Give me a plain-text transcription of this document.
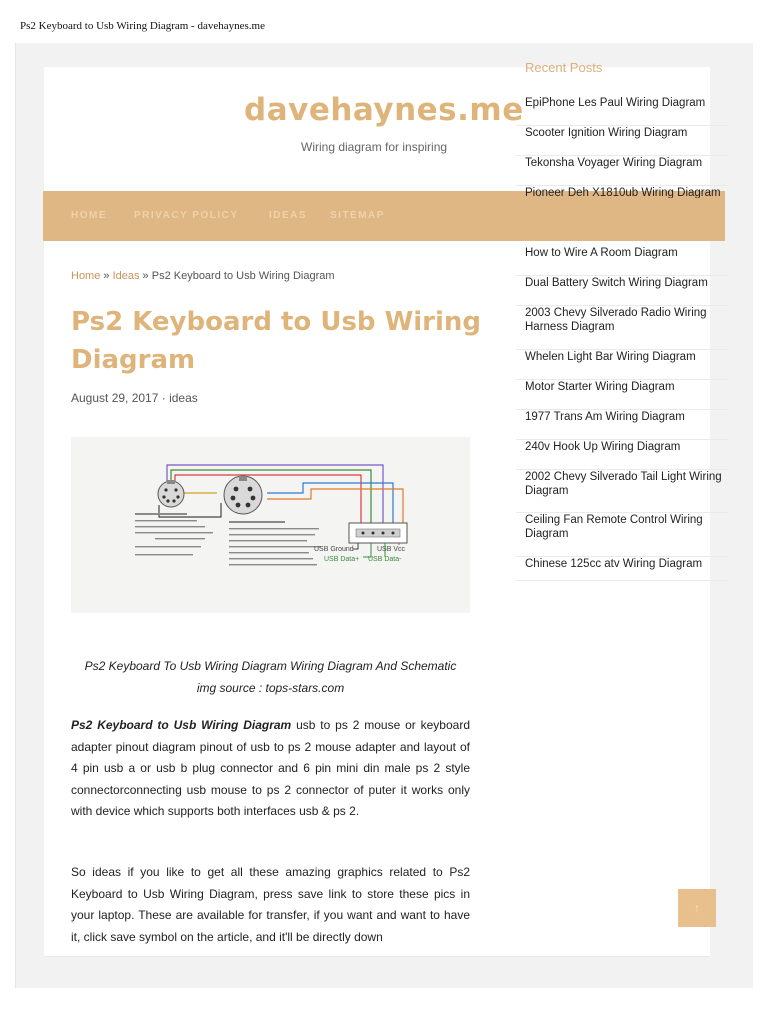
Ps2 Keyboard to Usb Wiring Diagram - davehaynes.me
davehaynes.me
Wiring diagram for inspiring
HOME	PRIVACY POLICY	IDEAS SITEMAP
Recent Posts
EpiPhone Les Paul Wiring Diagram
Scooter Ignition Wiring Diagram
Tekonsha Voyager Wiring Diagram
Pioneer Deh X1810ub Wiring Diagram
How to Wire A Room Diagram
Dual Battery Switch Wiring Diagram
2003 Chevy Silverado Radio Wiring Harness Diagram
Whelen Light Bar Wiring Diagram
Motor Starter Wiring Diagram
1977 Trans Am Wiring Diagram
240v Hook Up Wiring Diagram
2002 Chevy Silverado Tail Light Wiring Diagram
Ceiling Fan Remote Control Wiring Diagram
Chinese 125cc atv Wiring Diagram
Home » Ideas » Ps2 Keyboard to Usb Wiring Diagram
Ps2 Keyboard to Usb Wiring Diagram
August 29, 2017 · ideas
USB Ground	USB Vcc
USB Data+ USB Data-
Ps2 Keyboard To Usb Wiring Diagram Wiring Diagram And Schematic
img source : tops-stars.com

Ps2 Keyboard to Usb Wiring Diagram usb to ps 2 mouse or keyboard adapter pinout diagram pinout of usb to ps 2 mouse adapter and layout of 4 pin usb a or usb b plug connector and 6 pin mini din male ps 2 style connectorconnecting usb mouse to ps 2 connector of puter it works only with device which supports both interfaces usb & ps 2.

So ideas if you like to get all these amazing graphics related to Ps2 Keyboard to Usb Wiring Diagram, press save link to store these pics in your laptop. These are available for transfer, if you want and want to have it, click save symbol on the article, and it'll be directly down

↑
